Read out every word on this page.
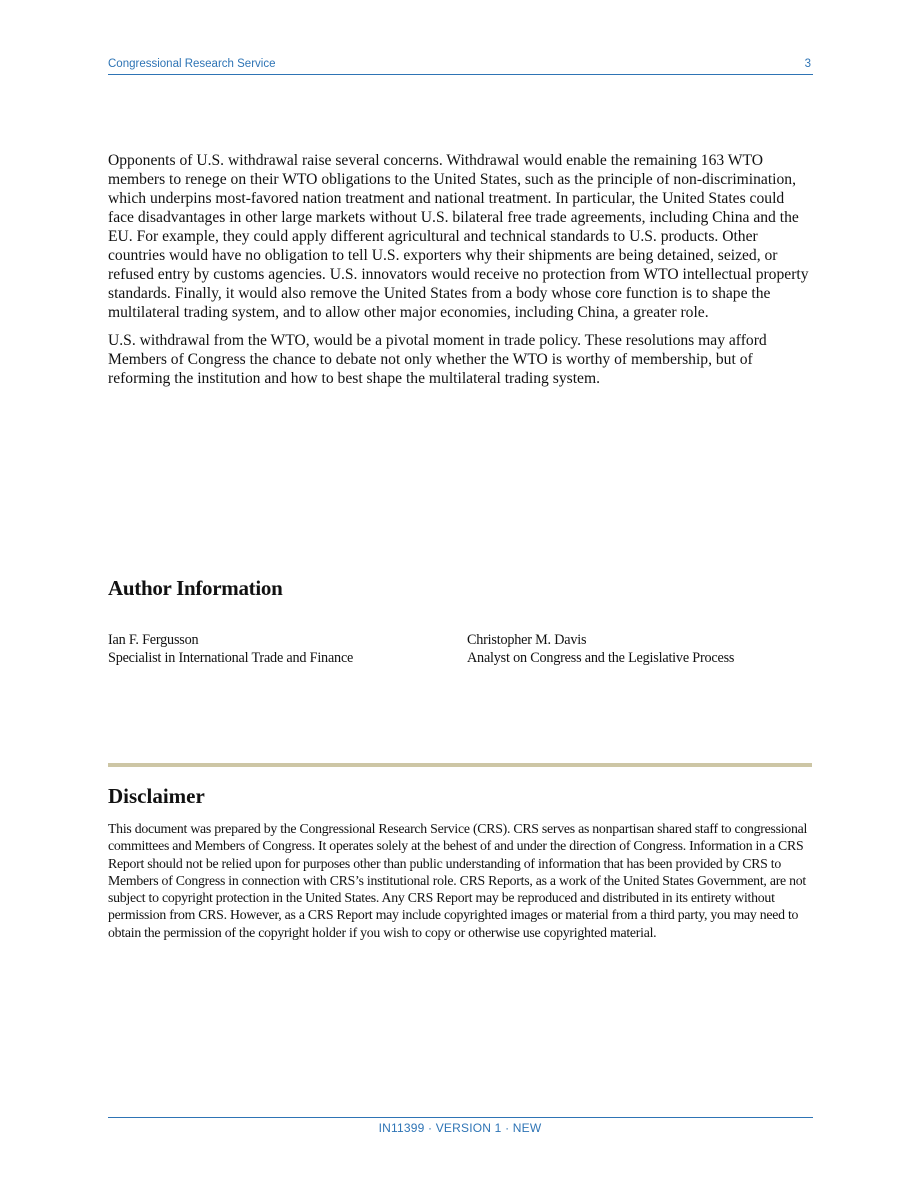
Congressional Research Service	3

Opponents of U.S. withdrawal raise several concerns. Withdrawal would enable the remaining 163 WTO members to renege on their WTO obligations to the United States, such as the principle of non-discrimination, which underpins most-favored nation treatment and national treatment. In particular, the United States could face disadvantages in other large markets without U.S. bilateral free trade agreements, including China and the EU. For example, they could apply different agricultural and technical standards to U.S. products. Other countries would have no obligation to tell U.S. exporters why their shipments are being detained, seized, or refused entry by customs agencies. U.S. innovators would receive no protection from WTO intellectual property standards. Finally, it would also remove the United States from a body whose core function is to shape the multilateral trading system, and to allow other major economies, including China, a greater role.

U.S. withdrawal from the WTO, would be a pivotal moment in trade policy. These resolutions may afford Members of Congress the chance to debate not only whether the WTO is worthy of membership, but of reforming the institution and how to best shape the multilateral trading system.

Author Information
Ian F. Fergusson
Specialist in International Trade and Finance
Christopher M. Davis
Analyst on Congress and the Legislative Process
Disclaimer
This document was prepared by the Congressional Research Service (CRS). CRS serves as nonpartisan shared staff to congressional committees and Members of Congress. It operates solely at the behest of and under the direction of Congress. Information in a CRS Report should not be relied upon for purposes other than public understanding of information that has been provided by CRS to Members of Congress in connection with CRS’s institutional role. CRS Reports, as a work of the United States Government, are not subject to copyright protection in the United States. Any CRS Report may be reproduced and distributed in its entirety without permission from CRS. However, as a CRS Report may include copyrighted images or material from a third party, you may need to obtain the permission of the copyright holder if you wish to copy or otherwise use copyrighted material.
IN11399 · VERSION 1 · NEW
